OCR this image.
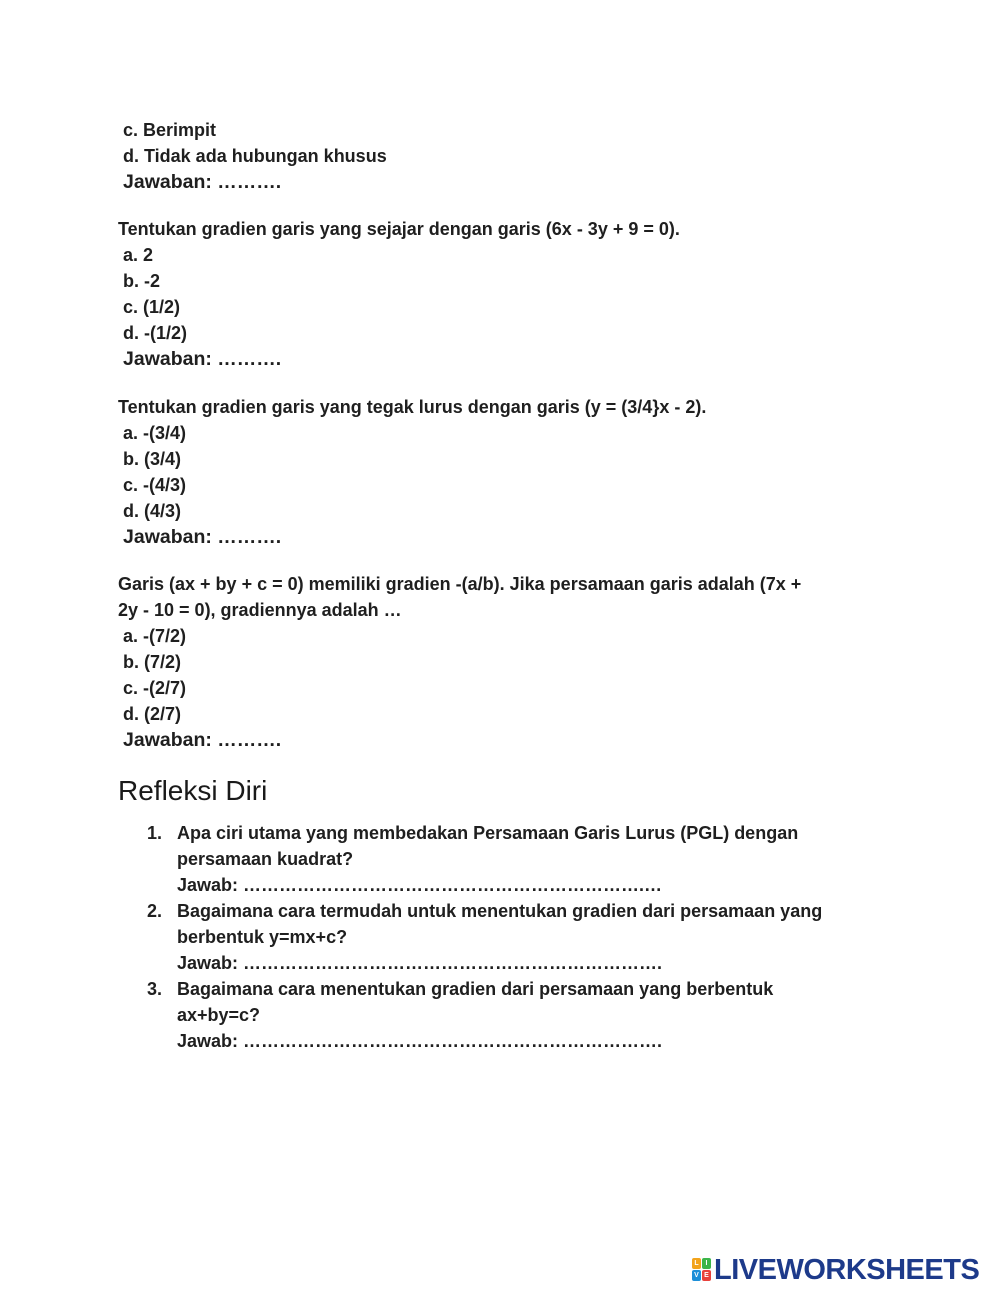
c. Berimpit
d. Tidak ada hubungan khusus
Jawaban: ……….
Tentukan gradien garis yang sejajar dengan garis (6x - 3y + 9 = 0).
a. 2
b. -2
c. (1/2)
d. -(1/2)
Jawaban: ……….
Tentukan gradien garis yang tegak lurus dengan garis (y = (3/4}x - 2).
a. -(3/4)
b. (3/4)
c. -(4/3)
d. (4/3)
Jawaban: ……….
Garis (ax + by + c = 0) memiliki gradien -(a/b). Jika persamaan garis adalah (7x +
2y - 10 = 0), gradiennya adalah …
a. -(7/2)
b. (7/2)
c. -(2/7)
d. (2/7)
Jawaban: ……….
Refleksi Diri
1. Apa ciri utama yang membedakan Persamaan Garis Lurus (PGL) dengan
persamaan kuadrat?
Jawab: ………………………………………………………….…
2. Bagaimana cara termudah untuk menentukan gradien dari persamaan yang
berbentuk y=mx+c?
Jawab: …………………………………………………………….
3. Bagaimana cara menentukan gradien dari persamaan yang berbentuk
ax+by=c?
Jawab: …………………………………………………………….
L I
V E LIVEWORKSHEETS
